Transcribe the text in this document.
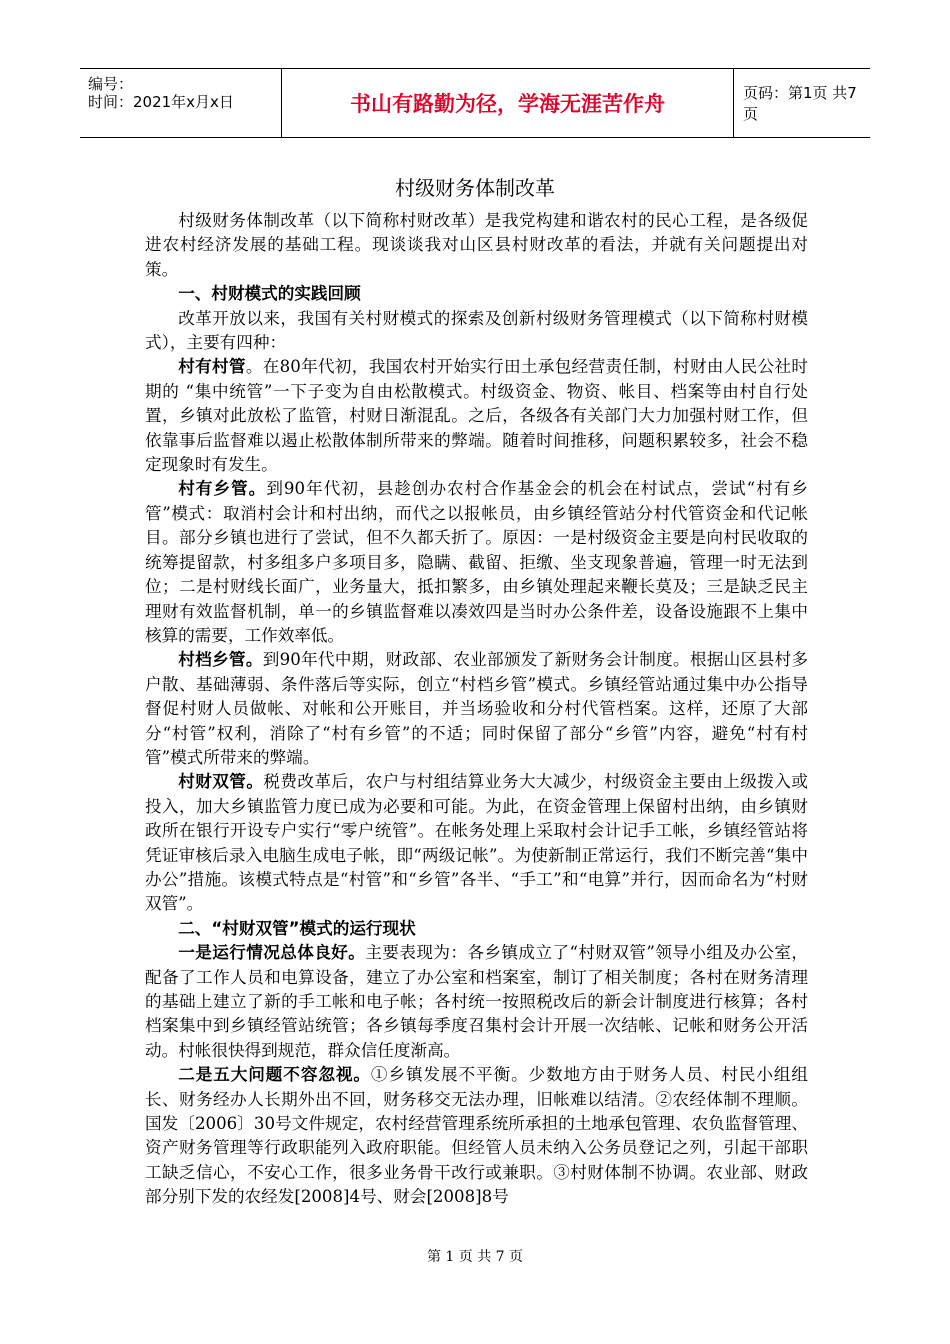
编号：
时间：2021年x月x日	书山有路勤为径，学海无涯苦作舟	页码：第1页 共7页
村级财务体制改革

村级财务体制改革（以下简称村财改革）是我党构建和谐农村的民心工程，是各级促进农村经济发展的基础工程。现谈谈我对山区县村财改革的看法，并就有关问题提出对策。

一、村财模式的实践回顾

改革开放以来，我国有关村财模式的探索及创新村级财务管理模式（以下简称村财模式），主要有四种：

村有村管。在80年代初，我国农村开始实行田土承包经营责任制，村财由人民公社时期的 “集中统管”一下子变为自由松散模式。村级资金、物资、帐目、档案等由村自行处置，乡镇对此放松了监管，村财日渐混乱。之后，各级各有关部门大力加强村财工作，但依靠事后监督难以遏止松散体制所带来的弊端。随着时间推移，问题积累较多，社会不稳定现象时有发生。

村有乡管。到90年代初，县趁创办农村合作基金会的机会在村试点，尝试“村有乡管”模式：取消村会计和村出纳，而代之以报帐员，由乡镇经管站分村代管资金和代记帐目。部分乡镇也进行了尝试，但不久都夭折了。原因：一是村级资金主要是向村民收取的统筹提留款，村多组多户多项目多，隐瞒、截留、拒缴、坐支现象普遍，管理一时无法到位；二是村财线长面广，业务量大，抵扣繁多，由乡镇处理起来鞭长莫及；三是缺乏民主理财有效监督机制，单一的乡镇监督难以凑效四是当时办公条件差，设备设施跟不上集中核算的需要，工作效率低。

村档乡管。到90年代中期，财政部、农业部颁发了新财务会计制度。根据山区县村多户散、基础薄弱、条件落后等实际，创立“村档乡管”模式。乡镇经管站通过集中办公指导督促村财人员做帐、对帐和公开账目，并当场验收和分村代管档案。这样，还原了大部分“村管”权利，消除了“村有乡管”的不适；同时保留了部分“乡管”内容，避免“村有村管”模式所带来的弊端。

村财双管。税费改革后，农户与村组结算业务大大减少，村级资金主要由上级拨入或投入，加大乡镇监管力度已成为必要和可能。为此，在资金管理上保留村出纳，由乡镇财政所在银行开设专户实行“零户统管”。在帐务处理上采取村会计记手工帐，乡镇经管站将凭证审核后录入电脑生成电子帐，即“两级记帐”。为使新制正常运行，我们不断完善“集中办公”措施。该模式特点是“村管”和“乡管”各半、“手工”和“电算”并行，因而命名为“村财双管”。

二、“村财双管”模式的运行现状

一是运行情况总体良好。主要表现为：各乡镇成立了“村财双管”领导小组及办公室，配备了工作人员和电算设备，建立了办公室和档案室，制订了相关制度；各村在财务清理的基础上建立了新的手工帐和电子帐；各村统一按照税改后的新会计制度进行核算；各村档案集中到乡镇经管站统管；各乡镇每季度召集村会计开展一次结帐、记帐和财务公开活动。村帐很快得到规范，群众信任度渐高。

二是五大问题不容忽视。①乡镇发展不平衡。少数地方由于财务人员、村民小组组长、财务经办人长期外出不回，财务移交无法办理，旧帐难以结清。②农经体制不理顺。国发〔2006〕30号文件规定，农村经营管理系统所承担的土地承包管理、农负监督管理、资产财务管理等行政职能列入政府职能。但经管人员未纳入公务员登记之列，引起干部职工缺乏信心，不安心工作，很多业务骨干改行或兼职。③村财体制不协调。农业部、财政部分别下发的农经发[2008]4号、财会[2008]8号

第 1 页 共 7 页
